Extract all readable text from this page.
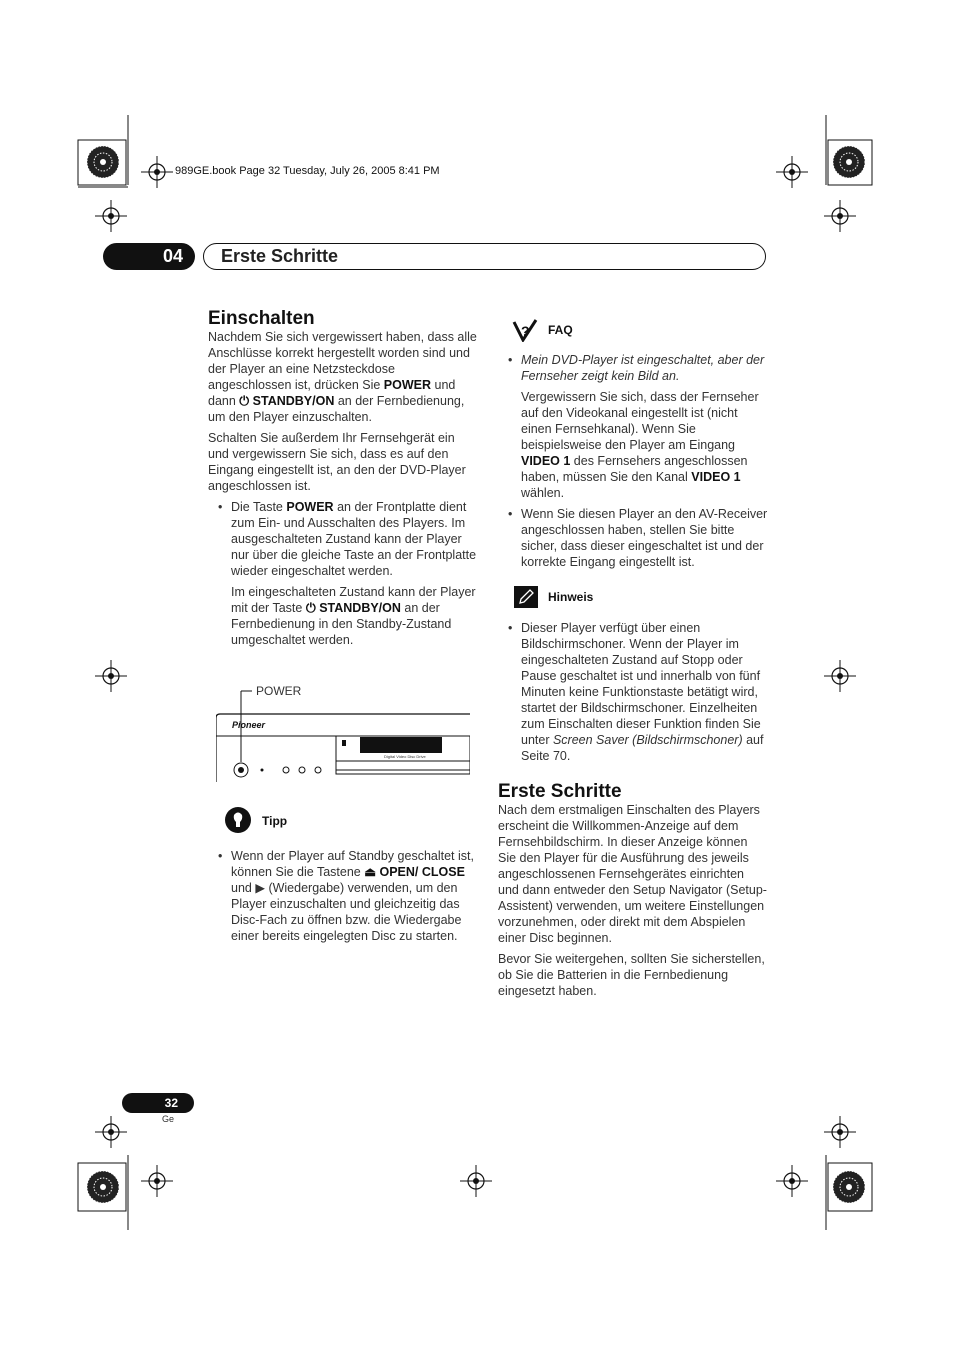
989GE.book Page 32 Tuesday, July 26, 2005 8:41 PM
04	Erste Schritte
Einschalten

Nachdem Sie sich vergewissert haben, dass alle Anschlüsse korrekt hergestellt worden sind und der Player an eine Netzsteckdose angeschlossen ist, drücken Sie POWER und dann ⏻ STANDBY/ON an der Fernbedienung, um den Player einzuschalten.

Schalten Sie außerdem Ihr Fernsehgerät ein und vergewissern Sie sich, dass es auf den Eingang eingestellt ist, an den der DVD-Player angeschlossen ist.

• Die Taste POWER an der Frontplatte dient zum Ein- und Ausschalten des Players. Im ausgeschalteten Zustand kann der Player nur über die gleiche Taste an der Frontplatte wieder eingeschaltet werden.

Im eingeschalteten Zustand kann der Player mit der Taste ⏻ STANDBY/ON an der Fernbedienung in den Standby-Zustand umgeschaltet werden.

POWER
Pioneer
Digital Video Disc Drive
Tipp
• Wenn der Player auf Standby geschaltet ist, können Sie die Tastene ⏏ OPEN/ CLOSE und ▶ (Wiedergabe) verwenden, um den Player einzuschalten und gleichzeitig das Disc-Fach zu öffnen bzw. die Wiedergabe einer bereits eingelegten Disc zu starten.

? FAQ
• Mein DVD-Player ist eingeschaltet, aber der Fernseher zeigt kein Bild an.

Vergewissern Sie sich, dass der Fernseher auf den Videokanal eingestellt ist (nicht einen Fernsehkanal). Wenn Sie beispielsweise den Player am Eingang VIDEO 1 des Fernsehers angeschlossen haben, müssen Sie den Kanal VIDEO 1 wählen.

• Wenn Sie diesen Player an den AV-Receiver angeschlossen haben, stellen Sie bitte sicher, dass dieser eingeschaltet ist und der korrekte Eingang eingestellt ist.

Hinweis
• Dieser Player verfügt über einen Bildschirmschoner. Wenn der Player im eingeschalteten Zustand auf Stopp oder Pause geschaltet ist und innerhalb von fünf Minuten keine Funktionstaste betätigt wird, startet der Bildschirmschoner. Einzelheiten zum Einschalten dieser Funktion finden Sie unter Screen Saver (Bildschirmschoner) auf Seite 70.

Erste Schritte

Nach dem erstmaligen Einschalten des Players erscheint die Willkommen-Anzeige auf dem Fernsehbildschirm. In dieser Anzeige können Sie den Player für die Ausführung des jeweils angeschlossenen Fernsehgerätes einrichten und dann entweder den Setup Navigator (Setup-Assistent) verwenden, um weitere Einstellungen vorzunehmen, oder direkt mit dem Abspielen einer Disc beginnen.

Bevor Sie weitergehen, sollten Sie sicherstellen, ob Sie die Batterien in die Fernbedienung eingesetzt haben.

32
Ge
